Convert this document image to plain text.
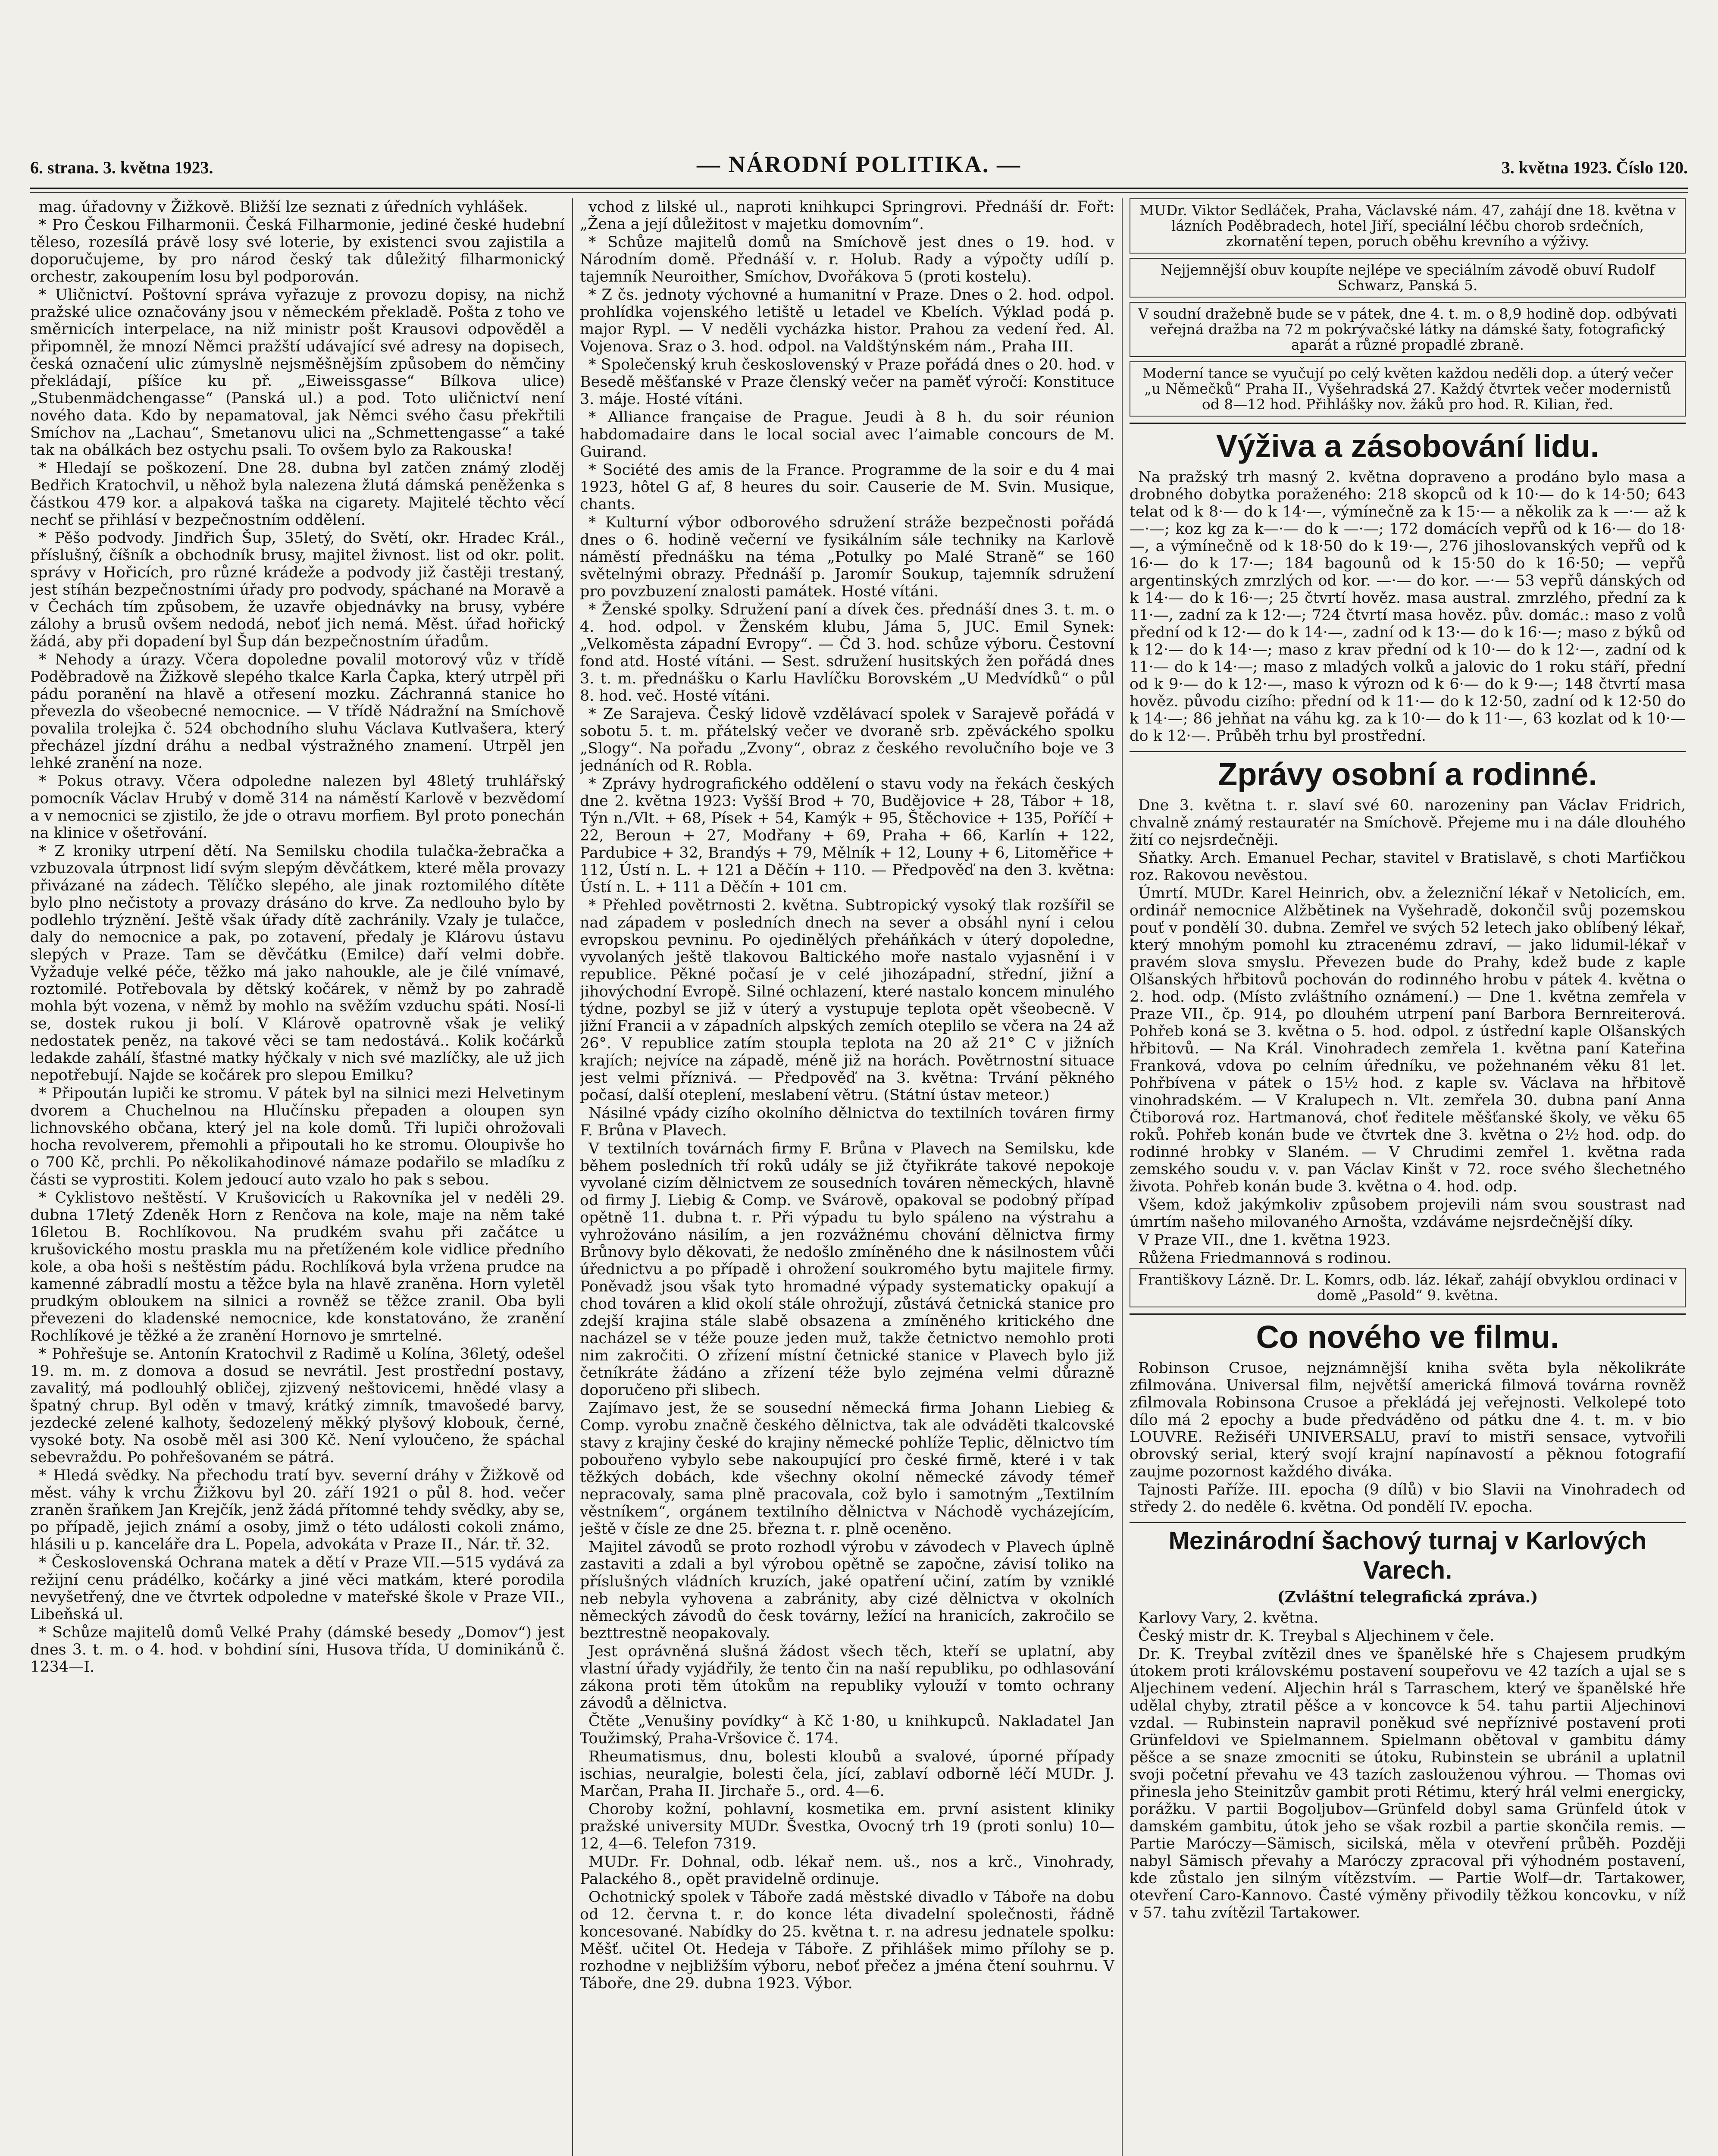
6. strana. 3. května 1923.	— NÁRODNÍ POLITIKA. —	3. května 1923. Číslo 120.

mag. úřadovny v Žižkově. Bližší lze seznati z úředních vyhlášek.

* Pro Českou Filharmonii. Česká Filharmonie, jediné české hudební těleso, rozesílá právě losy své loterie, by existenci svou zajistila a doporučujeme, by pro národ český tak důležitý filharmonický orchestr, zakoupením losu byl podporován.

* Uličnictví. Poštovní správa vyřazuje z provozu dopisy, na nichž pražské ulice označovány jsou v německém překladě. Pošta z toho ve směrnicích interpelace, na niž ministr pošt Krausovi odpověděl a připomněl, že mnozí Němci pražští udávající své adresy na dopisech, česká označení ulic zúmyslně nejsměšnějším způsobem do němčiny překládají, píšíce ku př. „Eiweissgasse“ Bílkova ulice) „Stubenmädchengasse“ (Panská ul.) a pod. Toto uličnictví není nového data. Kdo by nepamatoval, jak Němci svého času překřtili Smíchov na „Lachau“, Smetanovu ulici na „Schmettengasse“ a také tak na obálkách bez ostychu psali. To ovšem bylo za Rakouska!

* Hledají se poškození. Dne 28. dubna byl zatčen známý zloděj Bedřich Kratochvil, u něhož byla nalezena žlutá dámská peněženka s částkou 479 kor. a alpaková taška na cigarety. Majitelé těchto věcí nechť se přihlásí v bezpečnostním oddělení.

* Pěšo podvody. Jindřich Šup, 35letý, do Světí, okr. Hradec Král., příslušný, číšník a obchodník brusy, majitel živnost. list od okr. polit. správy v Hořicích, pro různé krádeže a podvody již častěji trestaný, jest stíhán bezpečnostními úřady pro podvody, spáchané na Moravě a v Čechách tím způsobem, že uzavře objednávky na brusy, vybére zálohy a brusů ovšem nedodá, neboť jich nemá. Měst. úřad hořický žádá, aby při dopadení byl Šup dán bezpečnostním úřadům.

* Nehody a úrazy. Včera dopoledne povalil motorový vůz v třídě Poděbradově na Žižkově slepého tkalce Karla Čapka, který utrpěl při pádu poranění na hlavě a otřesení mozku. Záchranná stanice ho převezla do všeobecné nemocnice. — V třídě Nádražní na Smíchově povalila trolejka č. 524 obchodního sluhu Václava Kutlvašera, který přecházel jízdní dráhu a nedbal výstražného znamení. Utrpěl jen lehké zranění na noze.

* Pokus otravy. Včera odpoledne nalezen byl 48letý truhlářský pomocník Václav Hrubý v domě 314 na náměstí Karlově v bezvědomí a v nemocnici se zjistilo, že jde o otravu morfiem. Byl proto ponechán na klinice v ošetřování.

* Z kroniky utrpení dětí. Na Semilsku chodila tulačka-žebračka a vzbuzovala útrpnost lidí svým slepým děvčátkem, které měla provazy přivázané na zádech. Tělíčko slepého, ale jinak roztomilého dítěte bylo plno nečistoty a provazy drásáno do krve. Za nedlouho bylo by podlehlo trýznění. Ještě však úřady dítě zachránily. Vzaly je tulačce, daly do nemocnice a pak, po zotavení, předaly je Klárovu ústavu slepých v Praze. Tam se děvčátku (Emilce) daří velmi dobře. Vyžaduje velké péče, těžko má jako nahoukle, ale je čilé vnímavé, roztomilé. Potřebovala by dětský kočárek, v němž by po zahradě mohla být vozena, v němž by mohlo na svěžím vzduchu spáti. Nosí-li se, dostek rukou ji bolí. V Klárově opatrovně však je veliký nedostatek peněz, na takové věci se tam nedostává.. Kolik kočárků ledakde zahálí, šťastné matky hýčkaly v nich své mazlíčky, ale už jich nepotřebují. Najde se kočárek pro slepou Emilku?

* Připoután lupiči ke stromu. V pátek byl na silnici mezi Helvetinym dvorem a Chuchelnou na Hlučínsku přepaden a oloupen syn lichnovského občana, který jel na kole domů. Tři lupiči ohrožovali hocha revolverem, přemohli a připoutali ho ke stromu. Oloupivše ho o 700 Kč, prchli. Po několikahodinové námaze podařilo se mladíku z části se vyprostiti. Kolem jedoucí auto vzalo ho pak s sebou.

* Cyklistovo neštěstí. V Krušovicích u Rakovníka jel v neděli 29. dubna 17letý Zdeněk Horn z Renčova na kole, maje na něm také 16letou B. Rochlíkovou. Na prudkém svahu při začátce u krušovického mostu praskla mu na přetíženém kole vidlice předního kole, a oba hoši s neštěstím pádu. Rochlíková byla vržena prudce na kamenné zábradlí mostu a těžce byla na hlavě zraněna. Horn vyletěl prudkým obloukem na silnici a rovněž se těžce zranil. Oba byli převezeni do kladenské nemocnice, kde konstatováno, že zranění Rochlíkové je těžké a že zranění Hornovo je smrtelné.

* Pohřešuje se. Antonín Kratochvil z Radimě u Kolína, 36letý, odešel 19. m. m. z domova a dosud se nevrátil. Jest prostřední postavy, zavalitý, má podlouhlý obličej, zjizvený neštovicemi, hnědé vlasy a špatný chrup. Byl oděn v tmavý, krátký zimník, tmavošedé barvy, jezdecké zelené kalhoty, šedozelený měkký plyšový klobouk, černé, vysoké boty. Na osobě měl asi 300 Kč. Není vyloučeno, že spáchal sebevraždu. Po pohřešovaném se pátrá.

* Hledá svědky. Na přechodu tratí byv. severní dráhy v Žižkově od měst. váhy k vrchu Žižkovu byl 20. září 1921 o půl 8. hod. večer zraněn šraňkem Jan Krejčík, jenž žádá přítomné tehdy svědky, aby se, po případě, jejich známí a osoby, jimž o této události cokoli známo, hlásili u p. kanceláře dra L. Popela, advokáta v Praze II., Nár. tř. 32.

* Československá Ochrana matek a dětí v Praze VII.—515 vydává za režijní cenu prádélko, kočárky a jiné věci matkám, které porodila nevyšetřený, dne ve čtvrtek odpoledne v mateřské škole v Praze VII., Libeňská ul.

* Schůze majitelů domů Velké Prahy (dámské besedy „Domov“) jest dnes 3. t. m. o 4. hod. v bohdiní síni, Husova třída, U dominikánů č. 1234—I.

vchod z lilské ul., naproti knihkupci Springrovi. Přednáší dr. Fořt: „Žena a její důležitost v majetku domovním“.

* Schůze majitelů domů na Smíchově jest dnes o 19. hod. v Národním domě. Přednáší v. r. Holub. Rady a výpočty udílí p. tajemník Neuroither, Smíchov, Dvořákova 5 (proti kostelu).

* Z čs. jednoty výchovné a humanitní v Praze. Dnes o 2. hod. odpol. prohlídka vojenského letiště u letadel ve Kbelích. Výklad podá p. major Rypl. — V neděli vycházka histor. Prahou za vedení řed. Al. Vojenova. Sraz o 3. hod. odpol. na Valdštýnském nám., Praha III.

* Společenský kruh československý v Praze pořádá dnes o 20. hod. v Besedě měšťanské v Praze členský večer na paměť výročí: Konstituce 3. máje. Hosté vítáni.

* Alliance française de Prague. Jeudi à 8 h. du soir réunion habdomadaire dans le local social avec l’aimable concours de M. Guirand.

* Société des amis de la France. Programme de la soir e du 4 mai 1923, hôtel G af, 8 heures du soir. Causerie de M. Svin. Musique, chants.

* Kulturní výbor odborového sdružení stráže bezpečnosti pořádá dnes o 6. hodině večerní ve fysikálním sále techniky na Karlově náměstí přednášku na téma „Potulky po Malé Straně“ se 160 světelnými obrazy. Přednáší p. Jaromír Soukup, tajemník sdružení pro povzbuzení znalosti památek. Hosté vítáni.

* Ženské spolky. Sdružení paní a dívek čes. přednáší dnes 3. t. m. o 4. hod. odpol. v Ženském klubu, Jáma 5, JUC. Emil Synek: „Velkoměsta západní Evropy“. — Čd 3. hod. schůze výboru. Čestovní fond atd. Hosté vítáni. — Sest. sdružení husitských žen pořádá dnes 3. t. m. přednášku o Karlu Havlíčku Borovském „U Medvídků“ o půl 8. hod. več. Hosté vítáni.

* Ze Sarajeva. Český lidově vzdělávací spolek v Sarajevě pořádá v sobotu 5. t. m. přátelský večer ve dvoraně srb. zpěváckého spolku „Slogy“. Na pořadu „Zvony“, obraz z českého revolučního boje ve 3 jednáních od R. Robla.

* Zprávy hydrografického oddělení o stavu vody na řekách českých dne 2. května 1923: Vyšší Brod + 70, Budějovice + 28, Tábor + 18, Týn n./Vlt. + 68, Písek + 54, Kamýk + 95, Štěchovice + 135, Poříčí + 22, Beroun + 27, Modřany + 69, Praha + 66, Karlín + 122, Pardubice + 32, Brandýs + 79, Mělník + 12, Louny + 6, Litoměřice + 112, Ústí n. L. + 121 a Děčín + 110. — Předpověď na den 3. května: Ústí n. L. + 111 a Děčín + 101 cm.

* Přehled povětrnosti 2. května. Subtropický vysoký tlak rozšířil se nad západem v posledních dnech na sever a obsáhl nyní i celou evropskou pevninu. Po ojedinělých přeháňkách v úterý dopoledne, vyvolaných ještě tlakovou Baltického moře nastalo vyjasnění i v republice. Pěkné počasí je v celé jihozápadní, střední, jižní a jihovýchodní Evropě. Silné ochlazení, které nastalo koncem minulého týdne, pozbyl se již v úterý a vystupuje teplota opět všeobecně. V jižní Francii a v západních alpských zemích oteplilo se včera na 24 až 26°. V republice zatím stoupla teplota na 20 až 21° C v jižních krajích; nejvíce na západě, méně již na horách. Povětrnostní situace jest velmi příznivá. — Předpověď na 3. května: Trvání pěkného počasí, další oteplení, meslabení větru. (Státní ústav meteor.)

Násilné vpády cizího okolního dělnictva do textilních továren firmy F. Brůna v Plavech.

V textilních továrnách firmy F. Brůna v Plavech na Semilsku, kde během posledních tří roků udály se již čtyřikráte takové nepokoje vyvolané cizím dělnictvem ze sousedních továren německých, hlavně od firmy J. Liebig & Comp. ve Svárově, opakoval se podobný případ opětně 11. dubna t. r. Při výpadu tu bylo spáleno na výstrahu a vyhrožováno násilím, a jen rozvážnému chování dělnictva firmy Brůnovy bylo děkovati, že nedošlo zmíněného dne k násilnostem vůči úřednictvu a po případě i ohrožení soukromého bytu majitele firmy. Poněvadž jsou však tyto hromadné výpady systematicky opakují a chod továren a klid okolí stále ohrožují, zůstává četnická stanice pro zdejší krajina stále slabě obsazena a zmíněného kritického dne nacházel se v téže pouze jeden muž, takže četnictvo nemohlo proti nim zakročiti. O zřízení místní četnické stanice v Plavech bylo již četníkráte žádáno a zřízení téže bylo zejména velmi důrazně doporučeno při slibech.

Zajímavo jest, že se sousední německá firma Johann Liebieg & Comp. vyrobu značně českého dělnictva, tak ale odváděti tkalcovské stavy z krajiny české do krajiny německé pohlíže Teplic, dělnictvo tím pobouřeno vybylo sebe nakoupující pro české firmě, které i v tak těžkých dobách, kde všechny okolní německé závody témeř nepracovaly, sama plně pracovala, což bylo i samotným „Textilním věstníkem“, orgánem textilního dělnictva v Náchodě vycházejícím, ještě v čísle ze dne 25. března t. r. plně oceněno.

Majitel závodů se proto rozhodl výrobu v závodech v Plavech úplně zastaviti a zdali a byl výrobou opětně se započne, závisí toliko na příslušných vládních kruzích, jaké opatření učiní, zatím by vzniklé neb nebyla vyhovena a zabránity, aby cizé dělnictva v okolních německých závodů do česk továrny, ležící na hranicích, zakročilo se bezttrestně neopakovaly.

Jest oprávněná slušná žádost všech těch, kteří se uplatní, aby vlastní úřady vyjádřily, že tento čin na naší republiku, po odhlasování zákona proti těm útokům na republiky vylouží v tomto ochrany závodů a dělnictva.

Čtěte „Venušiny povídky“ à Kč 1·80, u knihkupců. Nakladatel Jan Toužimský, Praha-Vršovice č. 174.

Rheumatismus, dnu, bolesti kloubů a svalové, úporné případy ischias, neuralgie, bolesti čela, jící, zablaví odborně léčí MUDr. J. Marčan, Praha II. Jirchaře 5., ord. 4—6.

Choroby kožní, pohlavní, kosmetika em. první asistent kliniky pražské university MUDr. Švestka, Ovocný trh 19 (proti sonlu) 10—12, 4—6. Telefon 7319.

MUDr. Fr. Dohnal, odb. lékař nem. uš., nos a krč., Vinohrady, Palackého 8., opět pravidelně ordinuje.

Ochotnický spolek v Táboře zadá městské divadlo v Táboře na dobu od 12. června t. r. do konce léta divadelní společnosti, řádně koncesované. Nabídky do 25. května t. r. na adresu jednatele spolku: Měšť. učitel Ot. Hedeja v Táboře. Z přihlášek mimo přílohy se p. rozhodne v nejbližším výboru, neboť přečez a jména čtení souhrnu. V Táboře, dne 29. dubna 1923. Výbor.

MUDr. Viktor Sedláček, Praha, Václavské nám. 47, zahájí dne 18. května v lázních Poděbradech, hotel Jiří, speciální léčbu chorob srdečních, zkornatění tepen, poruch oběhu krevního a výživy.
Nejjemnější obuv koupíte nejlépe ve speciálním závodě obuví Rudolf Schwarz, Panská 5.
V soudní dražebně bude se v pátek, dne 4. t. m. o 8,9 hodině dop. odbývati veřejná dražba na 72 m pokrývačské látky na dámské šaty, fotografický aparát a různé propadlé zbraně.
Moderní tance se vyučují po celý květen každou neděli dop. a úterý večer „u Němečků“ Praha II., Vyšehradská 27. Každý čtvrtek večer modernistů od 8—12 hod. Přihlášky nov. žáků pro hod. R. Kilian, řed.
Výživa a zásobování lidu.

Na pražský trh masný 2. května dopraveno a prodáno bylo masa a drobného dobytka poraženého: 218 skopců od k 10·— do k 14·50; 643 telat od k 8·— do k 14·—, výmínečně za k 15·— a několik za k —·— až k —·—; koz kg za k—·— do k —·—; 172 domácích vepřů od k 16·— do 18·—, a výmínečně od k 18·50 do k 19·—, 276 jihoslovanských vepřů od k 16·— do k 17·—; 184 bagounů od k 15·50 do k 16·50; — vepřů argentinských zmrzlých od kor. —·— do kor. —·— 53 vepřů dánských od k 14·— do k 16·—; 25 čtvrtí hověz. masa austral. zmrzlého, přední za k 11·—, zadní za k 12·—; 724 čtvrtí masa hověz. pův. domác.: maso z volů přední od k 12·— do k 14·—, zadní od k 13·— do k 16·—; maso z býků od k 12·— do k 14·—; maso z krav přední od k 10·— do k 12·—, zadní od k 11·— do k 14·—; maso z mladých volků a jalovic do 1 roku stáří, přední od k 9·— do k 12·—, maso k výrozn od k 6·— do k 9·—; 148 čtvrtí masa hověz. původu cizího: přední od k 11·— do k 12·50, zadní od k 12·50 do k 14·—; 86 jehňat na váhu kg. za k 10·— do k 11·—, 63 kozlat od k 10·— do k 12·—. Průběh trhu byl prostřední.

Zprávy osobní a rodinné.

Dne 3. května t. r. slaví své 60. narozeniny pan Václav Fridrich, chvalně známý restauratér na Smíchově. Přejeme mu i na dále dlouhého žití co nejsrdečněji.

Sňatky. Arch. Emanuel Pechar, stavitel v Bratislavě, s choti Marťičkou roz. Rakovou nevěstou.

Úmrtí. MUDr. Karel Heinrich, obv. a železniční lékař v Netolicích, em. ordinář nemocnice Alžbětinek na Vyšehradě, dokončil svůj pozemskou pouť v pondělí 30. dubna. Zemřel ve svých 52 letech jako oblíbený lékař, který mnohým pomohl ku ztracenému zdraví, — jako lidumil-lékař v pravém slova smyslu. Převezen bude do Prahy, kdež bude z kaple Olšanských hřbitovů pochován do rodinného hrobu v pátek 4. května o 2. hod. odp. (Místo zvláštního oznámení.) — Dne 1. května zemřela v Praze VII., čp. 914, po dlouhém utrpení paní Barbora Bernreiterová. Pohřeb koná se 3. května o 5. hod. odpol. z ústřední kaple Olšanských hřbitovů. — Na Král. Vinohradech zemřela 1. května paní Kateřina Franková, vdova po celním úředníku, ve požehnaném věku 81 let. Pohřbívena v pátek o 15½ hod. z kaple sv. Václava na hřbitově vinohradském. — V Kralupech n. Vlt. zemřela 30. dubna paní Anna Čtiborová roz. Hartmanová, choť ředitele měšťanské školy, ve věku 65 roků. Pohřeb konán bude ve čtvrtek dne 3. května o 2½ hod. odp. do rodinné hrobky v Slaném. — V Chrudimi zemřel 1. května rada zemského soudu v. v. pan Václav Kinšt v 72. roce svého šlechetného života. Pohřeb konán bude 3. května o 4. hod. odp.

Všem, kdož jakýmkoliv způsobem projevili nám svou soustrast nad úmrtím našeho milovaného Arnošta, vzdáváme nejsrdečnější díky.

V Praze VII., dne 1. května 1923.

Růžena Friedmannová s rodinou.

Františkovy Lázně. Dr. L. Komrs, odb. láz. lékař, zahájí obvyklou ordinaci v domě „Pasold“ 9. května.
Co nového ve filmu.

Robinson Crusoe, nejznámnější kniha světa byla několikráte zfilmována. Universal film, největší americká filmová továrna rovněž zfilmovala Robinsona Crusoe a překládá jej veřejnosti. Velkolepé toto dílo má 2 epochy a bude předváděno od pátku dne 4. t. m. v bio LOUVRE. Režiséři UNIVERSALU, praví to mistři sensace, vytvořili obrovský serial, který svojí krajní napínavostí a pěknou fotografií zaujme pozornost každého diváka.

Tajnosti Paříže. III. epocha (9 dílů) v bio Slavii na Vinohradech od středy 2. do neděle 6. května. Od pondělí IV. epocha.

Mezinárodní šachový turnaj v Karlových Varech.
(Zvláštní telegrafická zpráva.)

Karlovy Vary, 2. května.

Český mistr dr. K. Treybal s Aljechinem v čele.

Dr. K. Treybal zvítězil dnes ve španělské hře s Chajesem prudkým útokem proti královskému postavení soupeřovu ve 42 tazích a ujal se s Aljechinem vedení. Aljechin hrál s Tarraschem, který ve španělské hře udělal chyby, ztratil pěšce a v koncovce k 54. tahu partii Aljechinovi vzdal. — Rubinstein napravil poněkud své nepříznivé postavení proti Grünfeldovi ve Spielmannem. Spielmann obětoval v gambitu dámy pěšce a se snaze zmocniti se útoku, Rubinstein se ubránil a uplatnil svoji početní převahu ve 43 tazích zaslouženou výhrou. — Thomas ovi přinesla jeho Steinitzův gambit proti Rétimu, který hrál velmi energicky, porážku. V partii Bogoljubov—Grünfeld dobyl sama Grünfeld útok v damském gambitu, útok jeho se však rozbil a partie skončila remis. — Partie Maróczy—Sämisch, sicilská, měla v otevření průběh. Později nabyl Sämisch převahy a Maróczy zpracoval při výhodném postavení, kde zůstalo jen silným vítězstvím. — Partie Wolf—dr. Tartakower, otevření Caro-Kannovo. Časté výměny přivodily těžkou koncovku, v níž v 57. tahu zvítězil Tartakower.
